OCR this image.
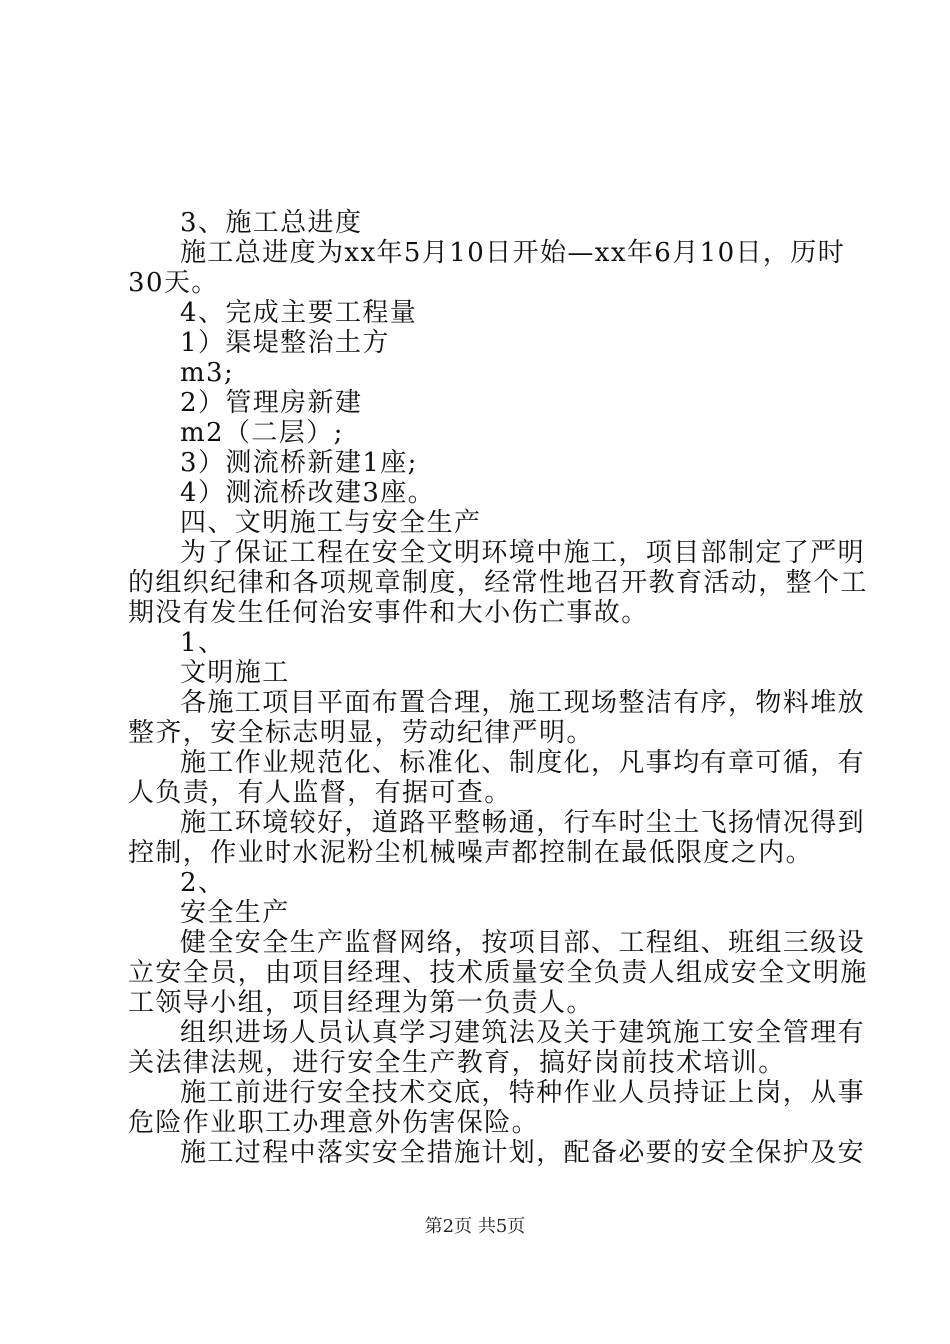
3、施工总进度
施工总进度为xx年5月10日开始—xx年6月10日，历时
30天。
4、完成主要工程量
1）渠堤整治土方
m3;
2）管理房新建
m2（二层）;
3）测流桥新建1座;
4）测流桥改建3座。
四、文明施工与安全生产
为了保证工程在安全文明环境中施工，项目部制定了严明
的组织纪律和各项规章制度，经常性地召开教育活动，整个工
期没有发生任何治安事件和大小伤亡事故。
1、
文明施工
各施工项目平面布置合理，施工现场整洁有序，物料堆放
整齐，安全标志明显，劳动纪律严明。
施工作业规范化、标准化、制度化，凡事均有章可循，有
人负责，有人监督，有据可查。
施工环境较好，道路平整畅通，行车时尘土飞扬情况得到
控制，作业时水泥粉尘机械噪声都控制在最低限度之内。
2、
安全生产
健全安全生产监督网络，按项目部、工程组、班组三级设
立安全员，由项目经理、技术质量安全负责人组成安全文明施
工领导小组，项目经理为第一负责人。
组织进场人员认真学习建筑法及关于建筑施工安全管理有
关法律法规，进行安全生产教育，搞好岗前技术培训。
施工前进行安全技术交底，特种作业人员持证上岗，从事
危险作业职工办理意外伤害保险。
施工过程中落实安全措施计划，配备必要的安全保护及安
第2页 共5页
